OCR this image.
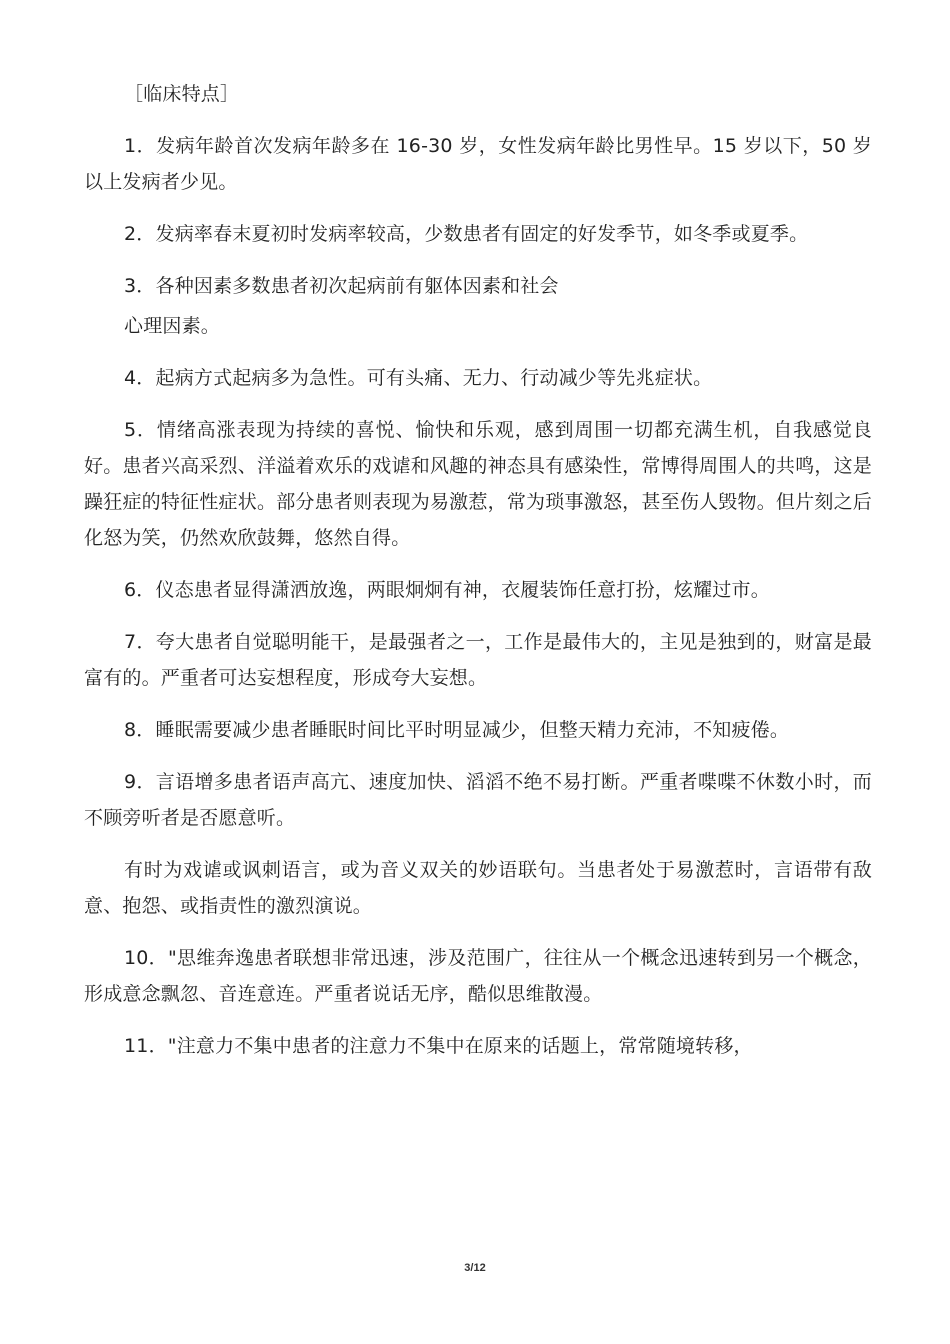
［临床特点］

1．发病年龄首次发病年龄多在 16-30 岁，女性发病年龄比男性早。15 岁以下，50 岁以上发病者少见。

2．发病率春末夏初时发病率较高，少数患者有固定的好发季节，如冬季或夏季。

3．各种因素多数患者初次起病前有躯体因素和社会

心理因素。

4．起病方式起病多为急性。可有头痛、无力、行动减少等先兆症状。

5．情绪高涨表现为持续的喜悦、愉快和乐观，感到周围一切都充满生机，自我感觉良好。患者兴高采烈、洋溢着欢乐的戏谑和风趣的神态具有感染性，常博得周围人的共鸣，这是躁狂症的特征性症状。部分患者则表现为易激惹，常为琐事激怒，甚至伤人毁物。但片刻之后化怒为笑，仍然欢欣鼓舞，悠然自得。

6．仪态患者显得潇洒放逸，两眼炯炯有神，衣履装饰任意打扮，炫耀过市。

7．夸大患者自觉聪明能干，是最强者之一，工作是最伟大的，主见是独到的，财富是最富有的。严重者可达妄想程度，形成夸大妄想。

8．睡眠需要减少患者睡眠时间比平时明显减少，但整天精力充沛，不知疲倦。

9．言语增多患者语声高亢、速度加快、滔滔不绝不易打断。严重者喋喋不休数小时，而不顾旁听者是否愿意听。

有时为戏谑或讽刺语言，或为音义双关的妙语联句。当患者处于易激惹时，言语带有敌意、抱怨、或指责性的激烈演说。

10．"思维奔逸患者联想非常迅速，涉及范围广，往往从一个概念迅速转到另一个概念，形成意念飘忽、音连意连。严重者说话无序，酷似思维散漫。

11．"注意力不集中患者的注意力不集中在原来的话题上，常常随境转移，

3/12
